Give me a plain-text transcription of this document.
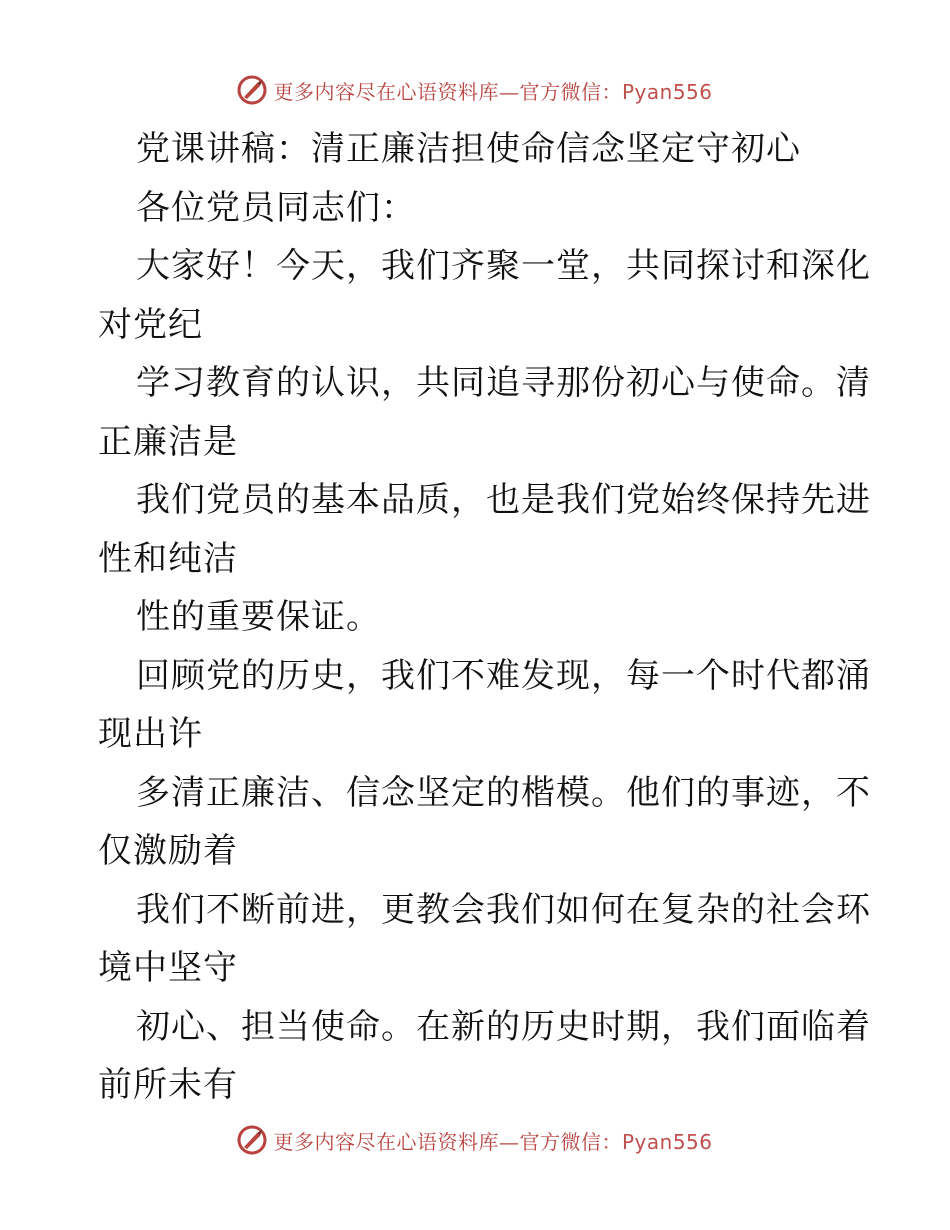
更多内容尽在心语资料库—官方微信：Pyan556
党课讲稿：清正廉洁担使命信念坚定守初心
各位党员同志们：
大家好！今天，我们齐聚一堂，共同探讨和深化
对党纪
学习教育的认识，共同追寻那份初心与使命。清
正廉洁是
我们党员的基本品质，也是我们党始终保持先进
性和纯洁
性的重要保证。
回顾党的历史，我们不难发现，每一个时代都涌
现出许
多清正廉洁、信念坚定的楷模。他们的事迹，不
仅激励着
我们不断前进，更教会我们如何在复杂的社会环
境中坚守
初心、担当使命。在新的历史时期，我们面临着
前所未有
更多内容尽在心语资料库—官方微信：Pyan556
